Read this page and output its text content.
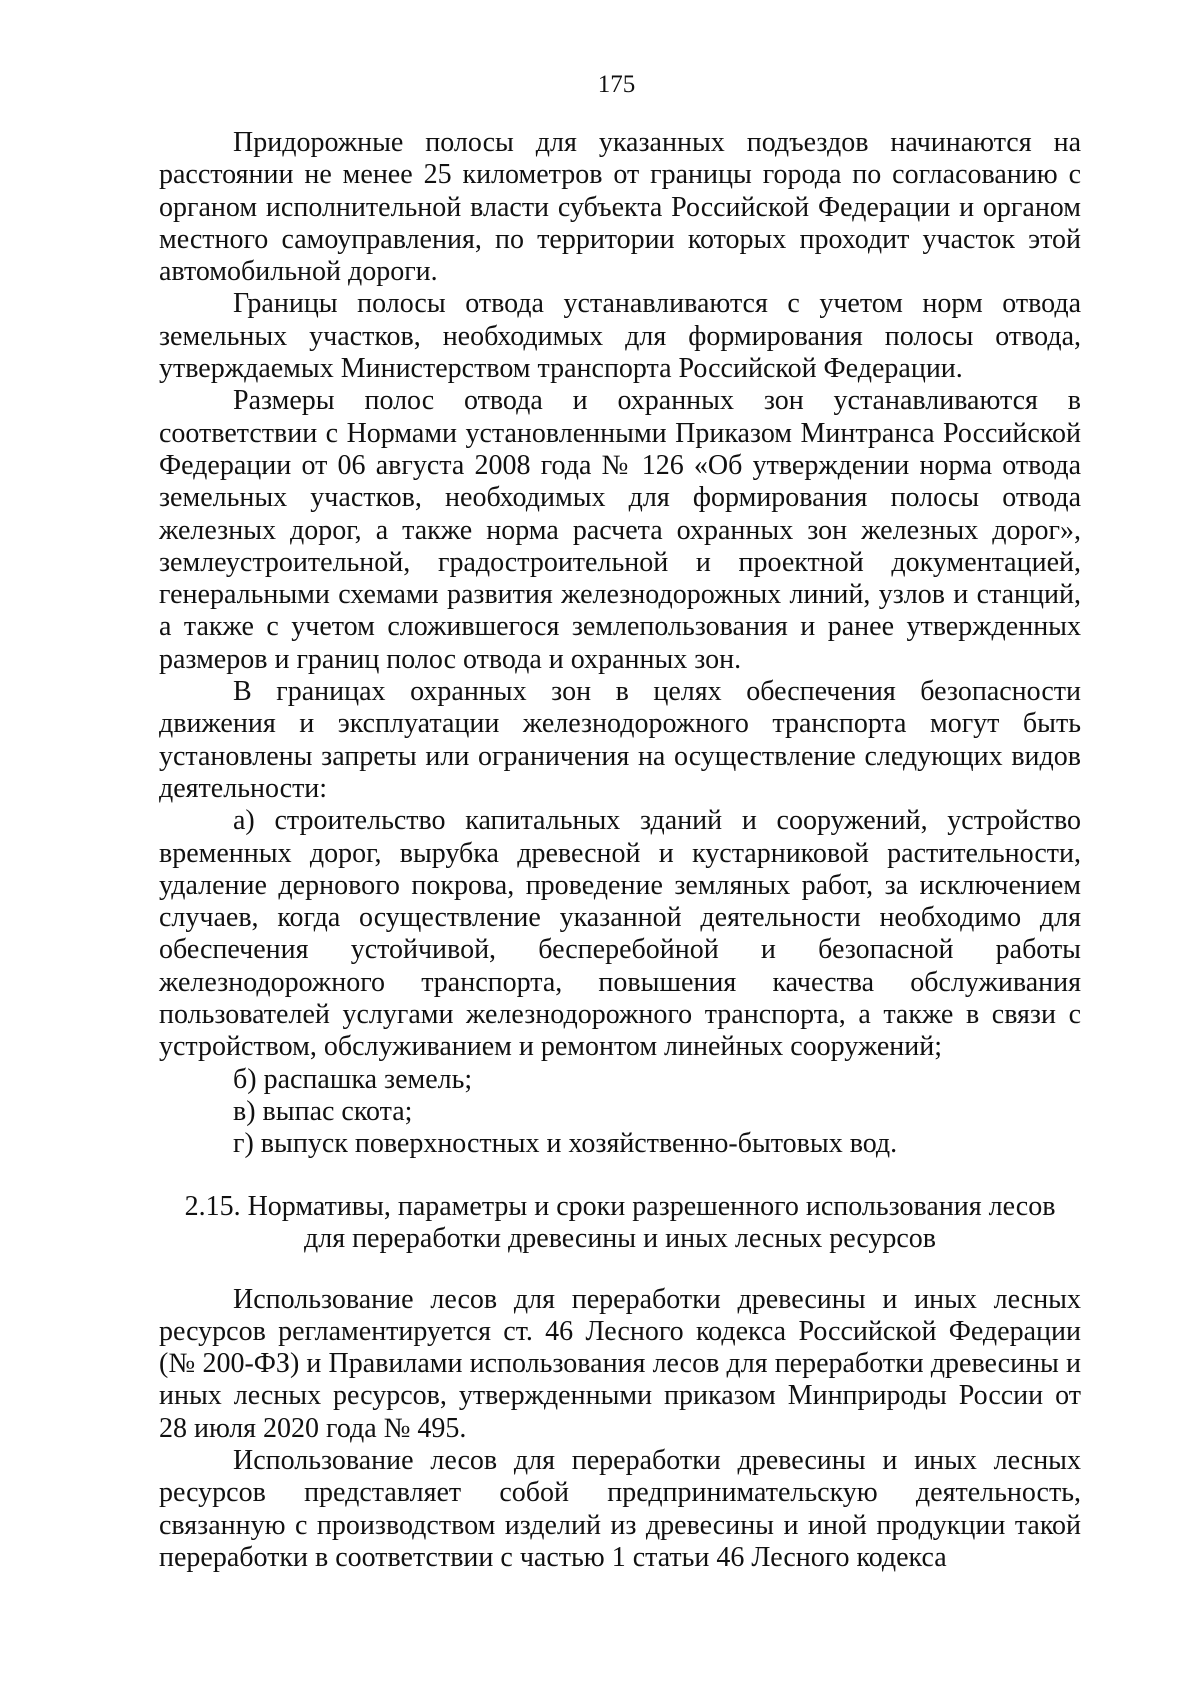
175

Придорожные полосы для указанных подъездов начинаются на расстоянии не менее 25 километров от границы города по согласованию с органом исполнительной власти субъекта Российской Федерации и органом местного самоуправления, по территории которых проходит участок этой автомобильной дороги.

Границы полосы отвода устанавливаются с учетом норм отвода земельных участков, необходимых для формирования полосы отвода, утверждаемых Министерством транспорта Российской Федерации.

Размеры полос отвода и охранных зон устанавливаются в соответствии с Нормами установленными Приказом Минтранса Российской Федерации от 06 августа 2008 года № 126 «Об утверждении норма отвода земельных участков, необходимых для формирования полосы отвода железных дорог, а также норма расчета охранных зон железных дорог», землеустроительной, градостроительной и проектной документацией, генеральными схемами развития железнодорожных линий, узлов и станций, а также с учетом сложившегося землепользования и ранее утвержденных размеров и границ полос отвода и охранных зон.

В границах охранных зон в целях обеспечения безопасности движения и эксплуатации железнодорожного транспорта могут быть установлены запреты или ограничения на осуществление следующих видов деятельности:

а) строительство капитальных зданий и сооружений, устройство временных дорог, вырубка древесной и кустарниковой растительности, удаление дернового покрова, проведение земляных работ, за исключением случаев, когда осуществление указанной деятельности необходимо для обеспечения устойчивой, бесперебойной и безопасной работы железнодорожного транспорта, повышения качества обслуживания пользователей услугами железнодорожного транспорта, а также в связи с устройством, обслуживанием и ремонтом линейных сооружений;

б) распашка земель;

в) выпас скота;

г) выпуск поверхностных и хозяйственно-бытовых вод.

2.15. Нормативы, параметры и сроки разрешенного использования лесов

для переработки древесины и иных лесных ресурсов

Использование лесов для переработки древесины и иных лесных ресурсов регламентируется ст. 46 Лесного кодекса Российской Федерации (№ 200-ФЗ) и Правилами использования лесов для переработки древесины и иных лесных ресурсов, утвержденными приказом Минприроды России от 28 июля 2020 года № 495.

Использование лесов для переработки древесины и иных лесных ресурсов представляет собой предпринимательскую деятельность, связанную с производством изделий из древесины и иной продукции такой переработки в соответствии с частью 1 статьи 46 Лесного кодекса
